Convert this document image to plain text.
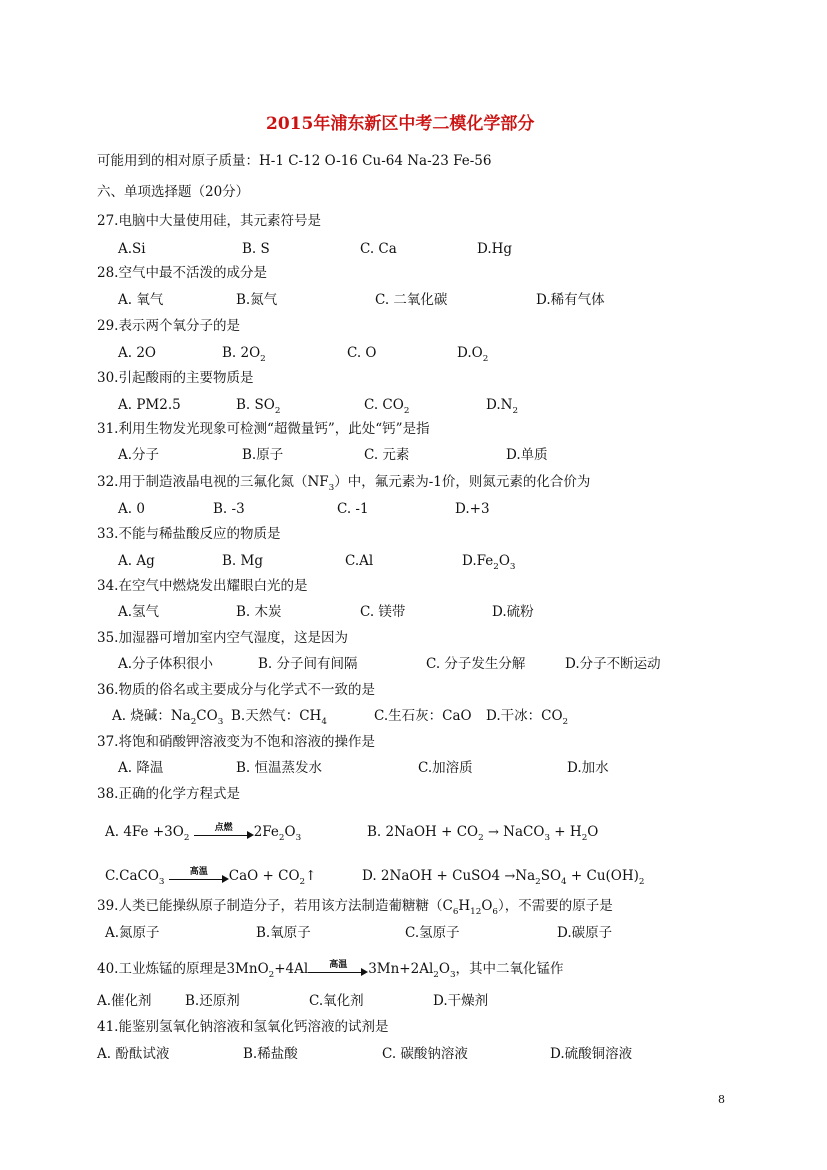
2015年浦东新区中考二模化学部分
可能用到的相对原子质量：H-1 C-12 O-16 Cu-64 Na-23 Fe-56
六、单项选择题（20分）
27.电脑中大量使用硅，其元素符号是
A.Si	B. S	C. Ca	D.Hg
28.空气中最不活泼的成分是
A. 氧气	B.氮气	C. 二氧化碳	D.稀有气体
29.表示两个氧分子的是
A. 2O	B. $2O_2$	C. O	$D.O_2$
30.引起酸雨的主要物质是
A. PM2.5	B. $SO_2$	C. $CO_2$	$D.N_2$
31.利用生物发光现象可检测“超微量钙”，此处“钙”是指
A.分子	B.原子	C. 元素	D.单质
32.用于制造液晶电视的三氟化氮$(NF_3)$中，氟元素为-1价，则氮元素的化合价为
A. 0	B. -3	C. -1	D.+3
33.不能与稀盐酸反应的物质是
A. Ag	B. Mg	C.Al	$D.Fe_2O_3$
34.在空气中燃烧发出耀眼白光的是
A.氢气	B. 木炭	C. 镁带	D.硫粉
35.加湿器可增加室内空气湿度，这是因为
A.分子体积很小	B. 分子间有间隔	C. 分子发生分解	D.分子不断运动
36.物质的俗名或主要成分与化学式不一致的是
A. 烧碱：$Na_2CO_3$ B.天然气：$CH_4$	C.生石灰：CaO D.干冰：$CO_2$
37.将饱和硝酸钾溶液变为不饱和溶液的操作是
A. 降温	B. 恒温蒸发水	C.加溶质	D.加水
38.正确的化学方程式是
A. $4Fe +3O_2$
点燃	$2Fe_2O_3$	B. 2NaOH + $CO_2$ → NaCO$_3$ + $H_2O$
C.CaCO$_3$
高温	CaO + $CO_2↑$	D. 2NaOH + CuSO4 $\to Na_2SO_4 + Cu(OH)_2$
39.人类已能操纵原子制造分子，若用该方法制造葡糖糖$(C_6H_{12}O_6)$，不需要的原子是
A.氮原子	B.氧原子	C.氢原子	D.碳原子
40.工业炼锰的原理是3MnO$_2$+4Al	高温	$3Mn+2Al_2O_3$，其中二氧化锰作
A.催化剂 B.还原剂	C.氧化剂	D.干燥剂
41.能鉴别氢氧化钠溶液和氢氧化钙溶液的试剂是
A. 酚酞试液	B.稀盐酸	C. 碳酸钠溶液	D.硫酸铜溶液
8
